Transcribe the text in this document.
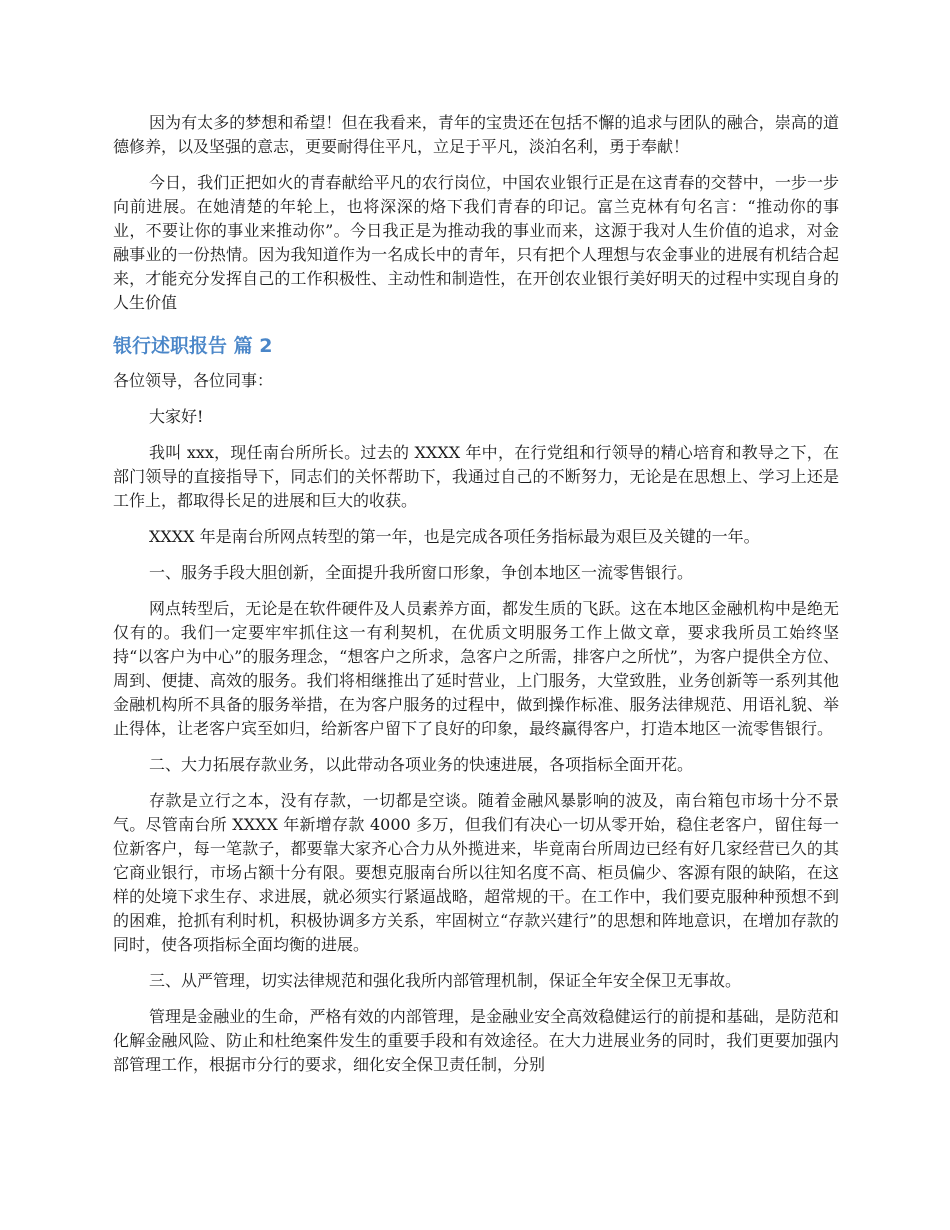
因为有太多的梦想和希望！但在我看来，青年的宝贵还在包括不懈的追求与团队的融合，崇高的道德修养，以及坚强的意志，更要耐得住平凡，立足于平凡，淡泊名利，勇于奉献！

今日，我们正把如火的青春献给平凡的农行岗位，中国农业银行正是在这青春的交替中，一步一步向前进展。在她清楚的年轮上，也将深深的烙下我们青春的印记。富兰克林有句名言：“推动你的事业，不要让你的事业来推动你”。今日我正是为推动我的事业而来，这源于我对人生价值的追求，对金融事业的一份热情。因为我知道作为一名成长中的青年，只有把个人理想与农金事业的进展有机结合起来，才能充分发挥自己的工作积极性、主动性和制造性，在开创农业银行美好明天的过程中实现自身的人生价值

银行述职报告 篇 2

各位领导，各位同事：

大家好!

我叫 xxx，现任南台所所长。过去的 XXXX 年中，在行党组和行领导的精心培育和教导之下，在部门领导的直接指导下，同志们的关怀帮助下，我通过自己的不断努力，无论是在思想上、学习上还是工作上，都取得长足的进展和巨大的收获。

XXXX 年是南台所网点转型的第一年，也是完成各项任务指标最为艰巨及关键的一年。

一、服务手段大胆创新，全面提升我所窗口形象，争创本地区一流零售银行。

网点转型后，无论是在软件硬件及人员素养方面，都发生质的飞跃。这在本地区金融机构中是绝无仅有的。我们一定要牢牢抓住这一有利契机，在优质文明服务工作上做文章，要求我所员工始终坚持“以客户为中心”的服务理念，“想客户之所求，急客户之所需，排客户之所忧”，为客户提供全方位、周到、便捷、高效的服务。我们将相继推出了延时营业，上门服务，大堂致胜，业务创新等一系列其他金融机构所不具备的服务举措，在为客户服务的过程中，做到操作标准、服务法律规范、用语礼貌、举止得体，让老客户宾至如归，给新客户留下了良好的印象，最终赢得客户，打造本地区一流零售银行。

二、大力拓展存款业务，以此带动各项业务的快速进展，各项指标全面开花。

存款是立行之本，没有存款，一切都是空谈。随着金融风暴影响的波及，南台箱包市场十分不景气。尽管南台所 XXXX 年新增存款 4000 多万，但我们有决心一切从零开始，稳住老客户，留住每一位新客户，每一笔款子，都要靠大家齐心合力从外揽进来，毕竟南台所周边已经有好几家经营已久的其它商业银行，市场占额十分有限。要想克服南台所以往知名度不高、柜员偏少、客源有限的缺陷，在这样的处境下求生存、求进展，就必须实行紧逼战略，超常规的干。在工作中，我们要克服种种预想不到的困难，抢抓有利时机，积极协调多方关系，牢固树立“存款兴建行”的思想和阵地意识，在增加存款的同时，使各项指标全面均衡的进展。

三、从严管理，切实法律规范和强化我所内部管理机制，保证全年安全保卫无事故。

管理是金融业的生命，严格有效的内部管理，是金融业安全高效稳健运行的前提和基础，是防范和化解金融风险、防止和杜绝案件发生的重要手段和有效途径。在大力进展业务的同时，我们更要加强内部管理工作，根据市分行的要求，细化安全保卫责任制，分别
